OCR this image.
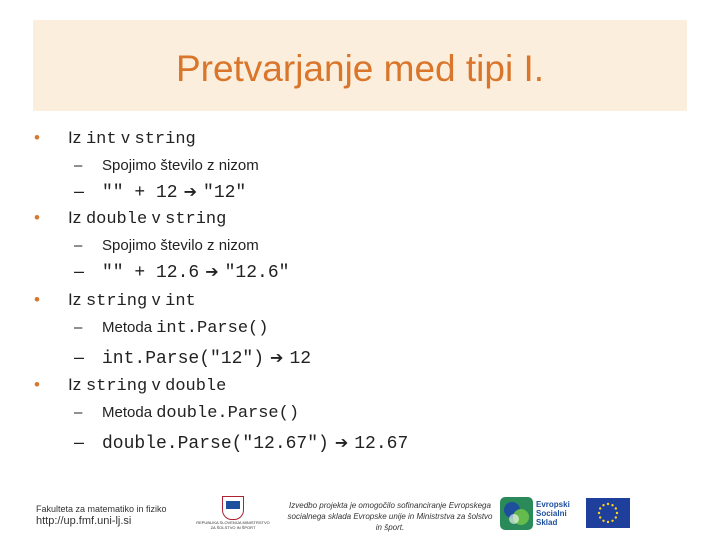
Pretvarjanje med tipi I.
• Iz int v string
– Spojimo število z nizom
– "" + 12 ➔ "12"
• Iz double v string
– Spojimo število z nizom
– "" + 12.6 ➔ "12.6"
• Iz string v int
– Metoda int.Parse()
– int.Parse("12") ➔ 12
• Iz string v double
– Metoda double.Parse()
– double.Parse("12.67") ➔ 12.67
Fakulteta za matematiko in fiziko
http://up.fmf.uni-lj.si	REPUBLIKA SLOVENIJA MINISTRSTVO ZA ŠOLSTVO IN ŠPORT
Izvedbo projekta je omogočilo sofinanciranje Evropskega socialnega sklada Evropske unije in Ministrstva za šolstvo in šport.
Evropski
Socialni
Sklad
